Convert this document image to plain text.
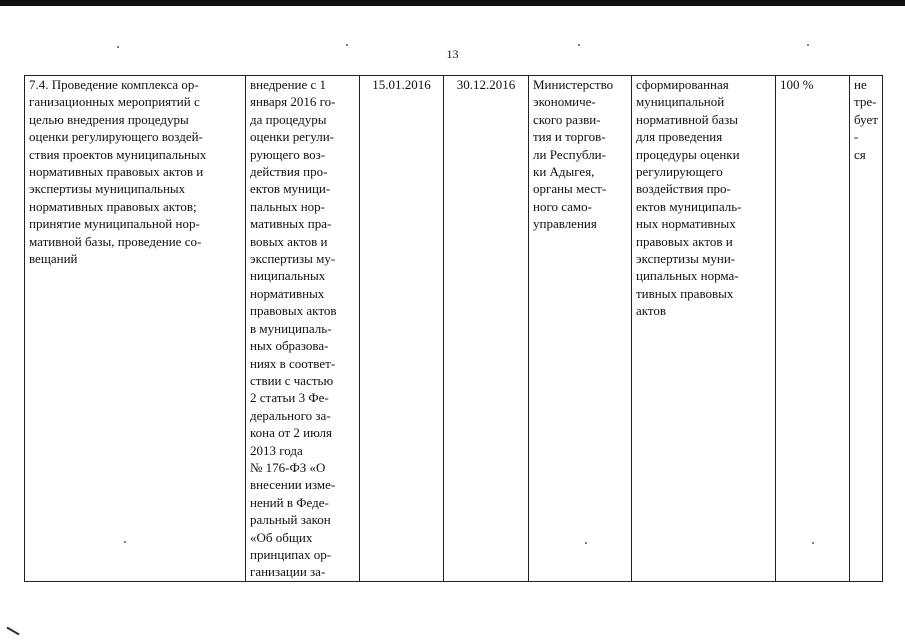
13
7.4. Проведение комплекса ор-
ганизационных мероприятий с
целью внедрения процедуры
оценки регулирующего воздей-
ствия проектов муниципальных
нормативных правовых актов и
экспертизы муниципальных
нормативных правовых актов;
принятие муниципальной нор-
мативной базы, проведение со-
вещаний

внедрение с 1
января 2016 го-
да процедуры
оценки регули-
рующего воз-
действия про-
ектов муници-
пальных нор-
мативных пра-
вовых актов и
экспертизы му-
ниципальных
нормативных
правовых актов
в муниципаль-
ных образова-
ниях в соответ-
ствии с частью
2 статьи 3 Фе-
дерального за-
кона от 2 июля
2013 года
№ 176-ФЗ «О
внесении изме-
нений в Федe-
ральный закон
«Об общих
принципах ор-
ганизации за-

15.01.2016	30.12.2016	Министерство
экономиче-
ского разви-
тия и торгов-
ли Республи-
ки Адыгея,
органы мест-
ного само-
управления

сформированная
муниципальной
нормативной базы
для проведения
процедуры оценки
регулирующего
воздействия про-
ектов муниципаль-
ных нормативных
правовых актов и
экспертизы муни-
ципальных норма-
тивных правовых
актов

100 %	не
тре-
бует-
ся
